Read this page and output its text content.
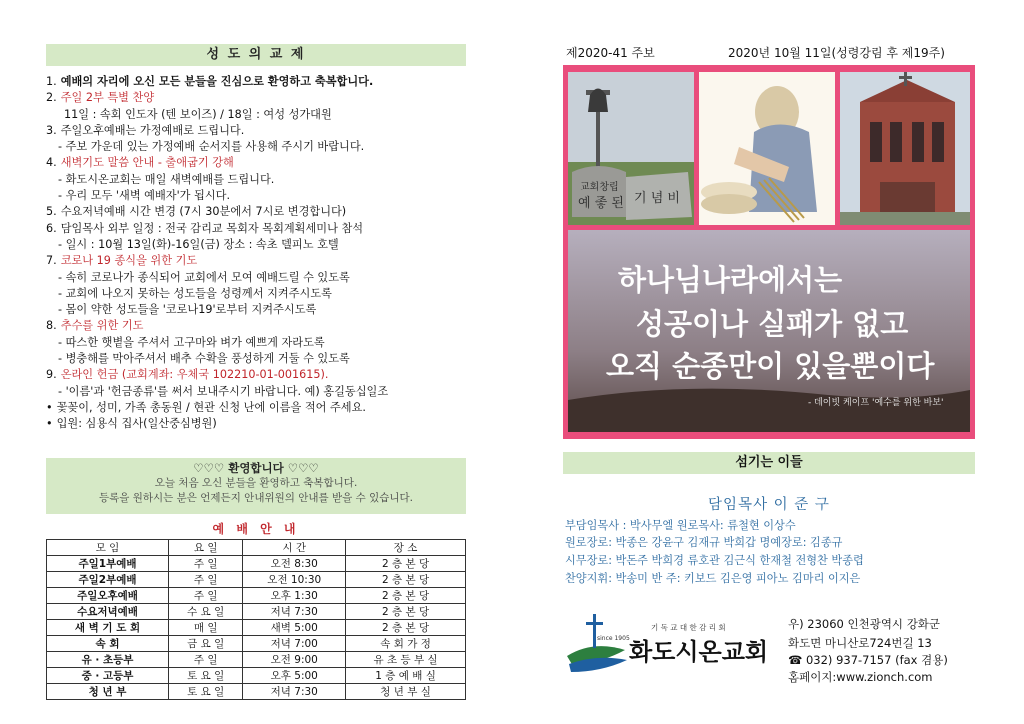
성 도 의 교 제
1. 예배의 자리에 오신 모든 분들을 진심으로 환영하고 축복합니다.
2. 주일 2부 특별 찬양
11일 : 속회 인도자 (텐 보이즈) / 18일 : 여성 성가대원
3. 주일오후예배는 가정예배로 드립니다.
- 주보 가운데 있는 가정예배 순서지를 사용해 주시기 바랍니다.
4. 새벽기도 말씀 안내 - 출애굽기 강해
- 화도시온교회는 매일 새벽예배를 드립니다.
- 우리 모두 '새벽 예배자'가 됩시다.
5. 수요저녁예배 시간 변경 (7시 30분에서 7시로 변경합니다)
6. 담임목사 외부 일정 : 전국 감리교 목회자 목회계획세미나 참석
- 일시 : 10월 13일(화)-16일(금) 장소 : 속초 델피노 호텔
7. 코로나 19 종식을 위한 기도
- 속히 코로나가 종식되어 교회에서 모여 예배드릴 수 있도록
- 교회에 나오지 못하는 성도들을 성령께서 지켜주시도록
- 몸이 약한 성도들을 '코로나19'로부터 지켜주시도록
8. 추수를 위한 기도
- 따스한 햇볕을 주셔서 고구마와 벼가 예쁘게 자라도록
- 병충해를 막아주셔서 배추 수확을 풍성하게 거둘 수 있도록
9. 온라인 헌금 (교회계좌: 우체국 102210-01-001615).
- '이름'과 '헌금종류'를 써서 보내주시기 바랍니다. 예) 홍길동십일조
• 꽃꽂이, 성미, 가족 총동원 / 현관 신청 난에 이름을 적어 주세요.
• 입원: 심용식 집사(일산중심병원)
♡♡♡ 환영합니다 ♡♡♡
오늘 처음 오신 분들을 환영하고 축복합니다.
등록을 원하시는 분은 언제든지 안내위원의 안내를 받을 수 있습니다.
예 배 안 내
모 임	요 일	시 간	장 소
주일1부예배	주 일	오전 8:30	2 층 본 당
주일2부예배	주 일	오전 10:30	2 층 본 당
주일오후예배	주 일	오후 1:30	2 층 본 당
수요저녁예배	수 요 일	저녁 7:30	2 층 본 당
새 벽 기 도 회	매 일	새벽 5:00	2 층 본 당
속 회	금 요 일	저녁 7:00	속 회 가 정
유 · 초등부	주 일	오전 9:00	유 초 등 부 실
중 · 고등부	토 요 일	오후 5:00	1 층 예 배 실
청 년 부	토 요 일	저녁 7:30	청 년 부 실
제2020-41 주보	2020년 10월 11일(성령강림 후 제19주)
교회창립
예 좋 된 기 념 비
하나님나라에서는
성공이나 실패가 없고
오직 순종만이 있을뿐이다
- 데이빗 케이프 '예수를 위한 바보'
섬기는 이들
담임목사 이 준 구
부담임목사 : 박사무엘 원로목사: 류철현 이상수
원로장로: 박종은 강윤구 김재규 박희갑 명예장로: 김종규
시무장로: 박돈주 박희경 류호관 김근식 한재철 전형찬 박종렵
찬양지휘: 박송미 반 주: 키보드 김은영 피아노 김마리 이지은
since 1905
기 독 교 대 한 감 리 회
화도시온교회
우) 23060 인천광역시 강화군
화도면 마니산로724번길 13
☎ 032) 937-7157 (fax 겸용)
홈페이지:www.zionch.com
